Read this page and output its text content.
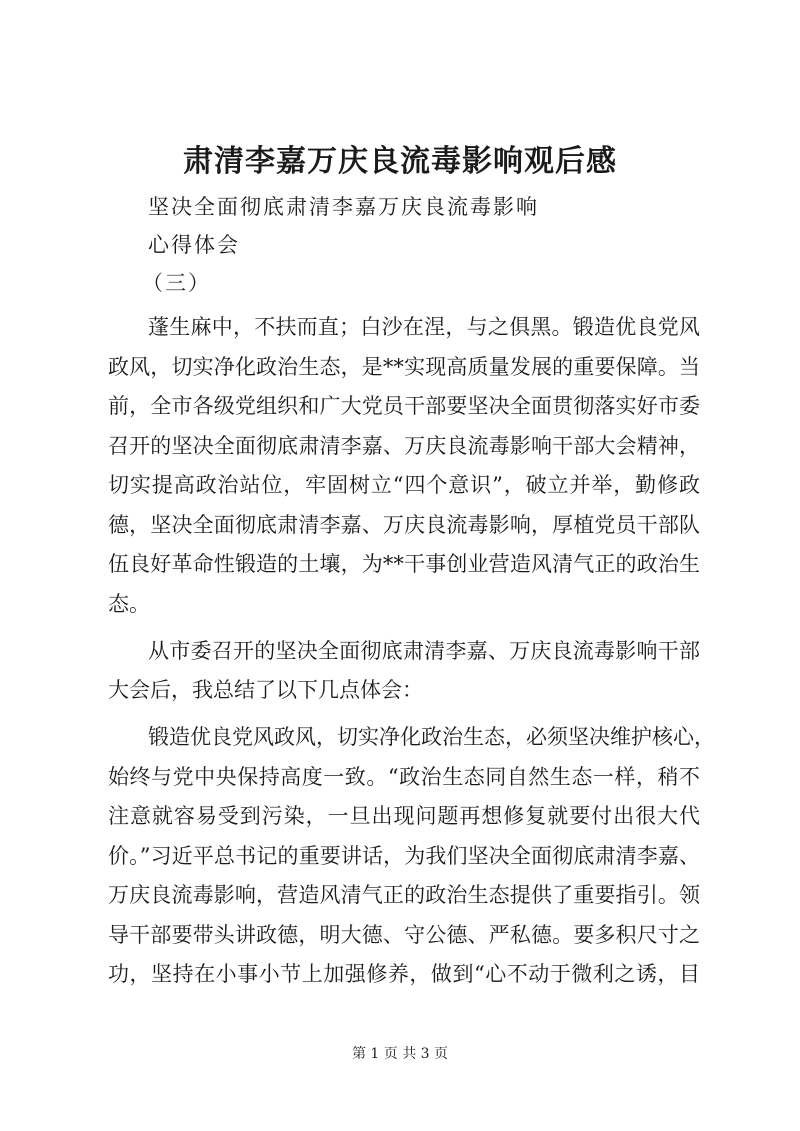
肃清李嘉万庆良流毒影响观后感
坚决全面彻底肃清李嘉万庆良流毒影响
心得体会
（三）
蓬生麻中，不扶而直；白沙在涅，与之俱黑。锻造优良党风
政风，切实净化政治生态，是**实现高质量发展的重要保障。当
前，全市各级党组织和广大党员干部要坚决全面贯彻落实好市委
召开的坚决全面彻底肃清李嘉、万庆良流毒影响干部大会精神，
切实提高政治站位，牢固树立“四个意识”，破立并举，勤修政
德，坚决全面彻底肃清李嘉、万庆良流毒影响，厚植党员干部队
伍良好革命性锻造的土壤，为**干事创业营造风清气正的政治生
态。
从市委召开的坚决全面彻底肃清李嘉、万庆良流毒影响干部
大会后，我总结了以下几点体会：
锻造优良党风政风，切实净化政治生态，必须坚决维护核心，
始终与党中央保持高度一致。“政治生态同自然生态一样，稍不
注意就容易受到污染，一旦出现问题再想修复就要付出很大代
价。”习近平总书记的重要讲话，为我们坚决全面彻底肃清李嘉、
万庆良流毒影响，营造风清气正的政治生态提供了重要指引。领
导干部要带头讲政德，明大德、守公德、严私德。要多积尺寸之
功，坚持在小事小节上加强修养，做到“心不动于微利之诱，目
第 1 页 共 3 页
